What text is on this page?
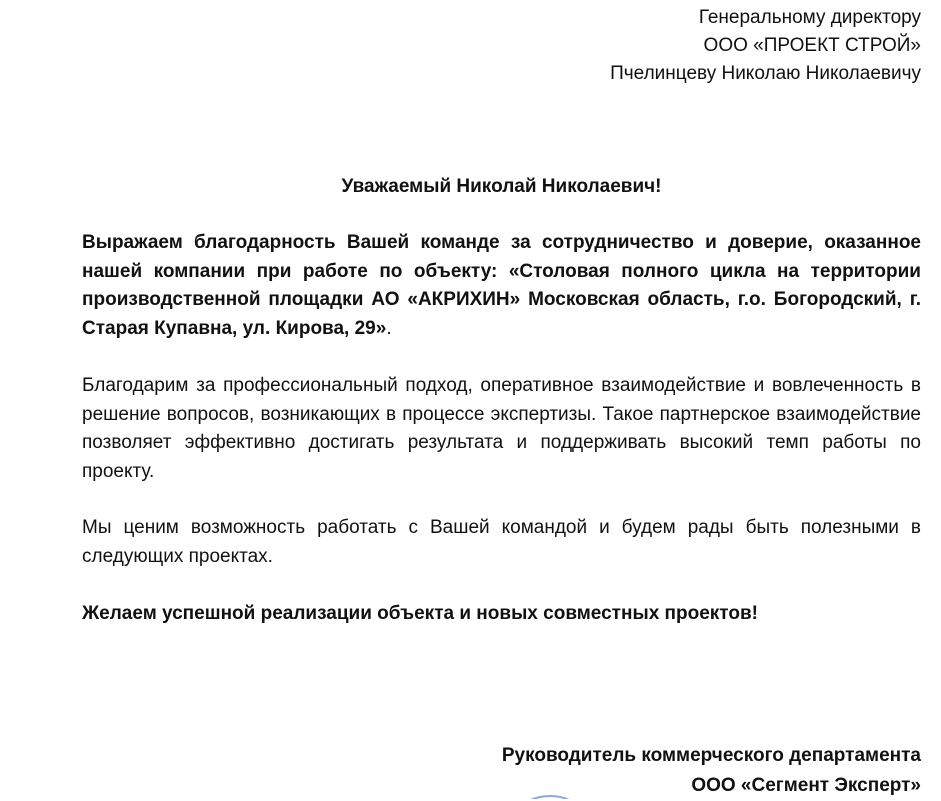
Генеральному директору
ООО «ПРОЕКТ СТРОЙ»
Пчелинцеву Николаю Николаевичу
Уважаемый Николай Николаевич!
Выражаем благодарность Вашей команде за сотрудничество и доверие, оказанное нашей компании при работе по объекту: «Столовая полного цикла на территории производственной площадки АО «АКРИХИН» Московская область, г.о. Богородский, г. Старая Купавна, ул. Кирова, 29».
Благодарим за профессиональный подход, оперативное взаимодействие и вовлеченность в решение вопросов, возникающих в процессе экспертизы. Такое партнерское взаимодействие позволяет эффективно достигать результата и поддерживать высокий темп работы по проекту.
Мы ценим возможность работать с Вашей командой и будем рады быть полезными в следующих проектах.
Желаем успешной реализации объекта и новых совместных проектов!
Руководитель коммерческого департамента
ООО «Сегмент Эксперт»
